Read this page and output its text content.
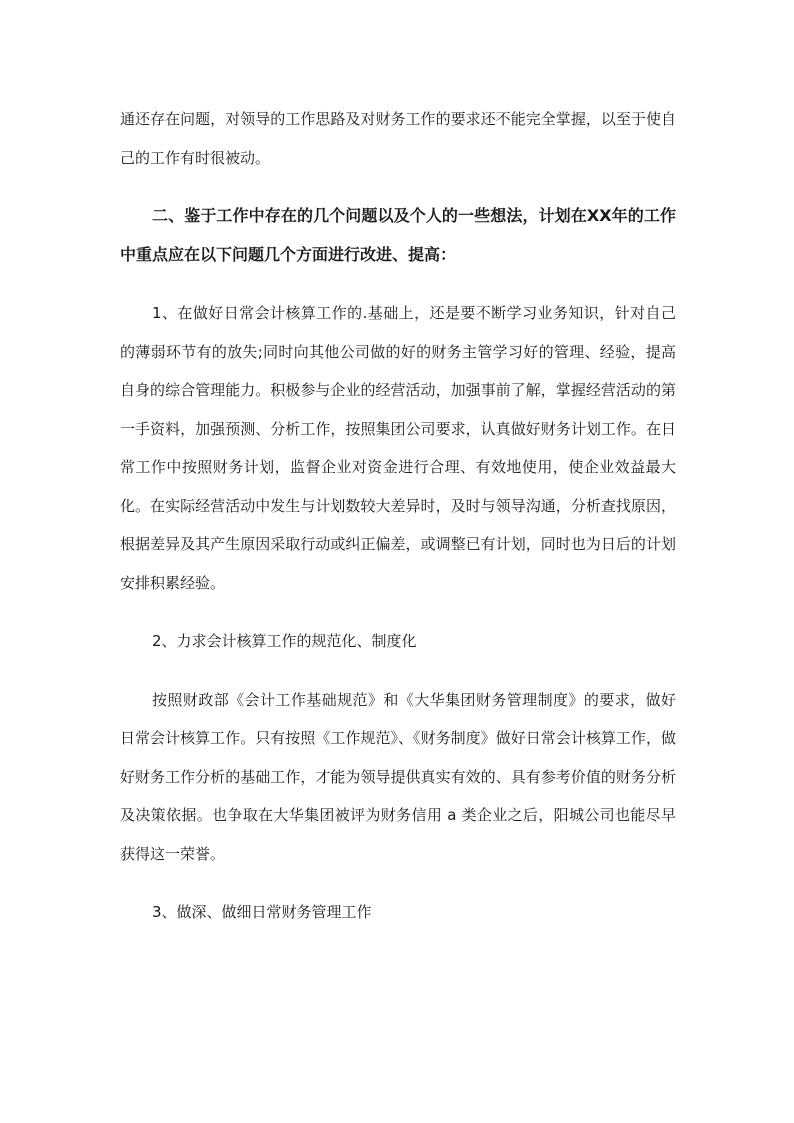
通还存在问题，对领导的工作思路及对财务工作的要求还不能完全掌握，以至于使自己的工作有时很被动。

二、鉴于工作中存在的几个问题以及个人的一些想法，计划在XX年的工作中重点应在以下问题几个方面进行改进、提高：

1、在做好日常会计核算工作的.基础上，还是要不断学习业务知识，针对自己的薄弱环节有的放失;同时向其他公司做的好的财务主管学习好的管理、经验，提高自身的综合管理能力。积极参与企业的经营活动，加强事前了解，掌握经营活动的第一手资料，加强预测、分析工作，按照集团公司要求，认真做好财务计划工作。在日常工作中按照财务计划，监督企业对资金进行合理、有效地使用，使企业效益最大化。在实际经营活动中发生与计划数较大差异时，及时与领导沟通，分析查找原因，根据差异及其产生原因采取行动或纠正偏差，或调整已有计划，同时也为日后的计划安排积累经验。

2、力求会计核算工作的规范化、制度化

按照财政部《会计工作基础规范》和《大华集团财务管理制度》的要求，做好日常会计核算工作。只有按照《工作规范》、《财务制度》做好日常会计核算工作，做好财务工作分析的基础工作，才能为领导提供真实有效的、具有参考价值的财务分析及决策依据。也争取在大华集团被评为财务信用 a 类企业之后，阳城公司也能尽早获得这一荣誉。

3、做深、做细日常财务管理工作
